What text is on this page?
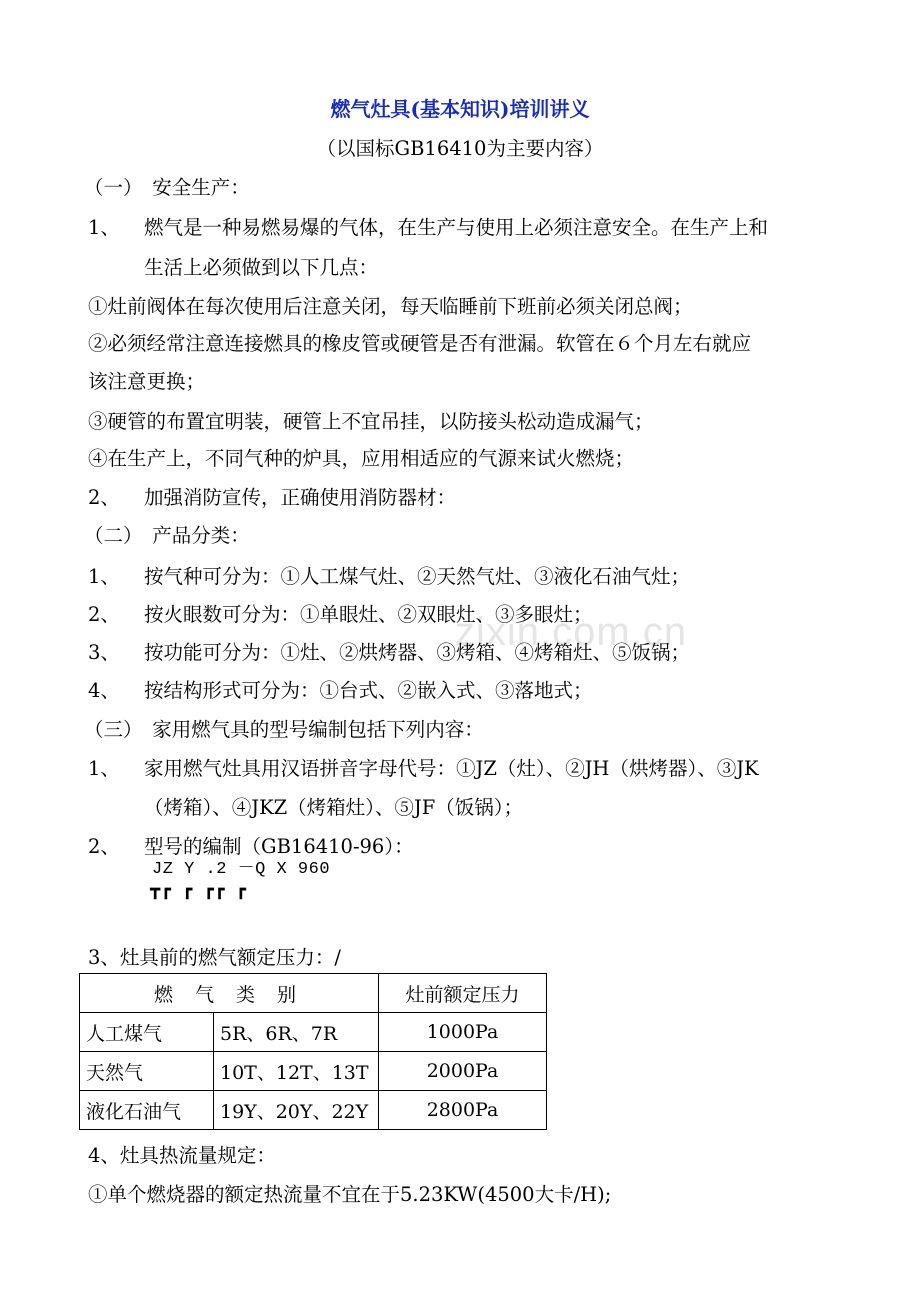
zixin.com.cn
燃气灶具(基本知识)培训讲义
（以国标GB16410为主要内容）
（一）　安全生产：
1、 燃气是一种易燃易爆的气体，在生产与使用上必须注意安全。在生产上和
生活上必须做到以下几点：
①灶前阀体在每次使用后注意关闭，每天临睡前下班前必须关闭总阀；
②必须经常注意连接燃具的橡皮管或硬管是否有泄漏。软管在６个月左右就应
该注意更换；
③硬管的布置宜明装，硬管上不宜吊挂，以防接头松动造成漏气；
④在生产上，不同气种的炉具，应用相适应的气源来试火燃烧；
2、 加强消防宣传，正确使用消防器材：
（二）　产品分类：
1、 按气种可分为：①人工煤气灶、②天然气灶、③液化石油气灶；
2、 按火眼数可分为：①单眼灶、②双眼灶、③多眼灶；
3、 按功能可分为：①灶、②烘烤器、③烤箱、④烤箱灶、⑤饭锅；
4、 按结构形式可分为：①台式、②嵌入式、③落地式；
（三）　家用燃气具的型号编制包括下列内容：
1、 家用燃气灶具用汉语拼音字母代号：①JZ（灶）、②JH（烘烤器）、③JK
（烤箱）、④JKZ（烤箱灶）、⑤JF（饭锅）；
2、 型号的编制（GB16410-96）：
JZ Y .2 －Q X 960
┳┏ ┏ ┏┏ ┏
3、灶具前的燃气额定压力：/
燃 气 类 别		灶前额定压力
人工煤气	5R、6R、7R	1000Pa
天然气	10T、12T、13T	2000Pa
液化石油气	19Y、20Y、22Y	2800Pa
4、灶具热流量规定：
①单个燃烧器的额定热流量不宜在于5.23KW(4500大卡/H);
